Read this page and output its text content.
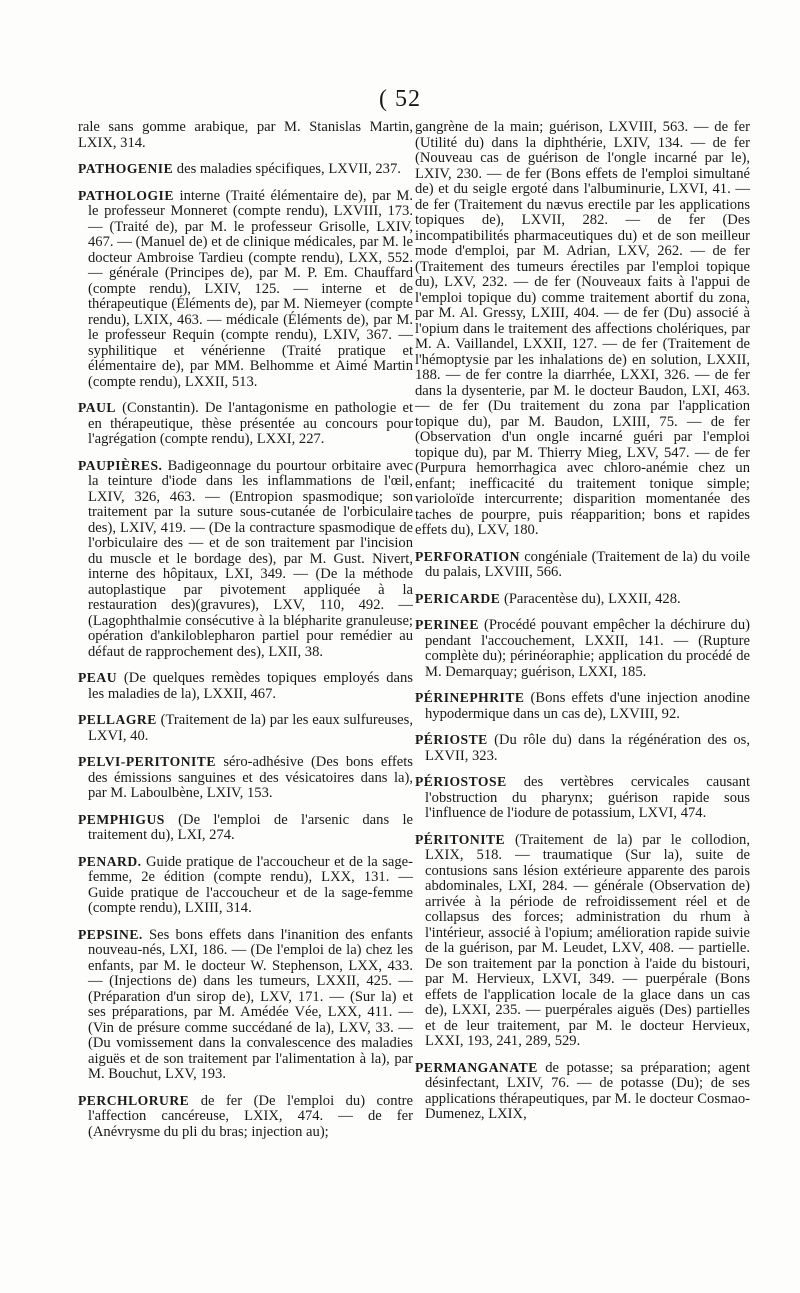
( 52

rale sans gomme arabique, par M. Stanislas Martin, LXIX, 314.

PATHOGENIE des maladies spécifiques, LXVII, 237.

PATHOLOGIE interne (Traité élémentaire de), par M. le professeur Monneret (compte rendu), LXVIII, 173. — (Traité de), par M. le professeur Grisolle, LXIV, 467. — (Manuel de) et de clinique médicales, par M. le docteur Ambroise Tardieu (compte rendu), LXX, 552. — générale (Principes de), par M. P. Em. Chauffard (compte rendu), LXIV, 125. — interne et de thérapeutique (Éléments de), par M. Niemeyer (compte rendu), LXIX, 463. — médicale (Éléments de), par M. le professeur Requin (compte rendu), LXIV, 367. — syphilitique et vénérienne (Traité pratique et élémentaire de), par MM. Belhomme et Aimé Martin (compte rendu), LXXII, 513.

PAUL (Constantin). De l'antagonisme en pathologie et en thérapeutique, thèse présentée au concours pour l'agrégation (compte rendu), LXXI, 227.

PAUPIÈRES. Badigeonnage du pourtour orbitaire avec la teinture d'iode dans les inflammations de l'œil, LXIV, 326, 463. — (Entropion spasmodique; son traitement par la suture sous-cutanée de l'orbiculaire des), LXIV, 419. — (De la contracture spasmodique de l'orbiculaire des — et de son traitement par l'incision du muscle et le bordage des), par M. Gust. Nivert, interne des hôpitaux, LXI, 349. — (De la méthode autoplastique par pivotement appliquée à la restauration des)(gravures), LXV, 110, 492. — (Lagophthalmie consécutive à la blépharite granuleuse; opération d'ankiloblepharon partiel pour remédier au défaut de rapprochement des), LXII, 38.

PEAU (De quelques remèdes topiques employés dans les maladies de la), LXXII, 467.

PELLAGRE (Traitement de la) par les eaux sulfureuses, LXVI, 40.

PELVI-PERITONITE séro-adhésive (Des bons effets des émissions sanguines et des vésicatoires dans la), par M. Laboulbène, LXIV, 153.

PEMPHIGUS (De l'emploi de l'arsenic dans le traitement du), LXI, 274.

PENARD. Guide pratique de l'accoucheur et de la sage-femme, 2e édition (compte rendu), LXX, 131. — Guide pratique de l'accoucheur et de la sage-femme (compte rendu), LXIII, 314.

PEPSINE. Ses bons effets dans l'inanition des enfants nouveau-nés, LXI, 186. — (De l'emploi de la) chez les enfants, par M. le docteur W. Stephenson, LXX, 433. — (Injections de) dans les tumeurs, LXXII, 425. — (Préparation d'un sirop de), LXV, 171. — (Sur la) et ses préparations, par M. Amédée Vée, LXX, 411. — (Vin de présure comme succédané de la), LXV, 33. — (Du vomissement dans la convalescence des maladies aiguës et de son traitement par l'alimentation à la), par M. Bouchut, LXV, 193.

PERCHLORURE de fer (De l'emploi du) contre l'affection cancéreuse, LXIX, 474. — de fer (Anévrysme du pli du bras; injection au);

gangrène de la main; guérison, LXVIII, 563. — de fer (Utilité du) dans la diphthérie, LXIV, 134. — de fer (Nouveau cas de guérison de l'ongle incarné par le), LXIV, 230. — de fer (Bons effets de l'emploi simultané de) et du seigle ergoté dans l'albuminurie, LXVI, 41. — de fer (Traitement du nævus erectile par les applications topiques de), LXVII, 282. — de fer (Des incompatibilités pharmaceutiques du) et de son meilleur mode d'emploi, par M. Adrian, LXV, 262. — de fer (Traitement des tumeurs érectiles par l'emploi topique du), LXV, 232. — de fer (Nouveaux faits à l'appui de l'emploi topique du) comme traitement abortif du zona, par M. Al. Gressy, LXIII, 404. — de fer (Du) associé à l'opium dans le traitement des affections cholériques, par M. A. Vaillandel, LXXII, 127. — de fer (Traitement de l'hémoptysie par les inhalations de) en solution, LXXII, 188. — de fer contre la diarrhée, LXXI, 326. — de fer dans la dysenterie, par M. le docteur Baudon, LXI, 463. — de fer (Du traitement du zona par l'application topique du), par M. Baudon, LXIII, 75. — de fer (Observation d'un ongle incarné guéri par l'emploi topique du), par M. Thierry Mieg, LXV, 547. — de fer (Purpura hemorrhagica avec chloro-anémie chez un enfant; inefficacité du traitement tonique simple; variolоïde intercurrente; disparition momentanée des taches de pourpre, puis réapparition; bons et rapides effets du), LXV, 180.

PERFORATION congéniale (Traitement de la) du voile du palais, LXVIII, 566.

PERICARDE (Paracentèse du), LXXII, 428.

PERINEE (Procédé pouvant empêcher la déchirure du) pendant l'accouchement, LXXII, 141. — (Rupture complète du); périnéoraphie; application du procédé de M. Demarquay; guérison, LXXI, 185.

PÉRINEPHRITE (Bons effets d'une injection anodine hypodermique dans un cas de), LXVIII, 92.

PÉRIOSTE (Du rôle du) dans la régénération des os, LXVII, 323.

PÉRIOSTOSE des vertèbres cervicales causant l'obstruction du pharynx; guérison rapide sous l'influence de l'iodure de potassium, LXVI, 474.

PÉRITONITE (Traitement de la) par le collodion, LXIX, 518. — traumatique (Sur la), suite de contusions sans lésion extérieure apparente des parois abdominales, LXI, 284. — générale (Observation de) arrivée à la période de refroidissement réel et de collapsus des forces; administration du rhum à l'intérieur, associé à l'opium; amélioration rapide suivie de la guérison, par M. Leudet, LXV, 408. — partielle. De son traitement par la ponction à l'aide du bistouri, par M. Hervieux, LXVI, 349. — puerpérale (Bons effets de l'application locale de la glace dans un cas de), LXXI, 235. — puerpérales aiguës (Des) partielles et de leur traitement, par M. le docteur Hervieux, LXXI, 193, 241, 289, 529.

PERMANGANATE de potasse; sa préparation; agent désinfectant, LXIV, 76. — de potasse (Du); de ses applications thérapeutiques, par M. le docteur Cosmao-Dumenez, LXIX,
